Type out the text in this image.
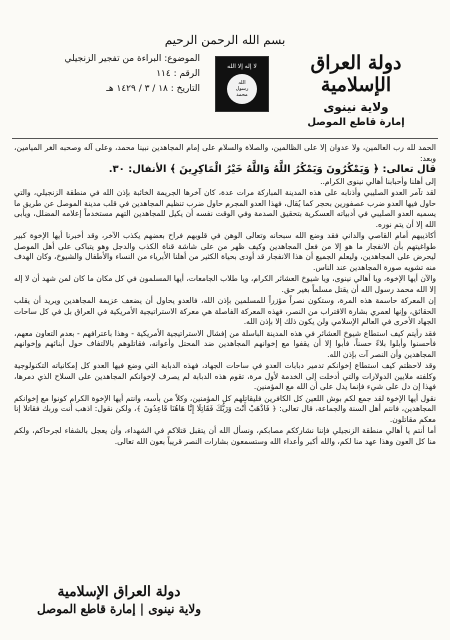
بسم الله الرحمن الرحيم
الموضوع: البراءة من تفجير الزنجيلي
الرقم : ١١٤
التاريخ : ١٨ / ٣ / ١٤٢٩ هـ
لا إله إلا الله
الله
رسول
محمد
دولة العراق الإسلامية
ولاية نينوى
إمارة قاطع الموصل

الحمد لله رب العالمين، ولا عدوان إلا على الظالمين، والصلاة والسلام على إمام المجاهدين نبينا محمد، وعلى آله وصحبه الغر الميامين، وبعد:

قال تعالى: ﴿ وَيَمْكُرُونَ وَيَمْكُرُ اللَّهُ وَاللَّهُ خَيْرُ الْمَاكِرِينَ ﴾ الأنفال: ٣٠.

إلى أهلنا وأحبابنا أهالي نينوى الكرام..

لقد تآمر العدو الصليبي وأذنابه على هذه المدينة المباركة مرات عدة، كان آخرها الجريمة الخائبة بإذن الله في منطقة الزنجيلي، والتي حاول فيها العدو ضرب عصفورين بحجر كما يُقال، فهذا العدو المجرم حاول ضرب تنظيم المجاهدين في قلب مدينة الموصل عن طريق ما يسميه العدو الصليبي في أدبياته العسكرية بتحقيق الصدمة وفي الوقت نفسه أن يكيل للمجاهدين التهم مستخدماً إعلامه المضلل، ويأبى الله إلا أن يتم نوره.

أكاذيبهم أمام القاصي والداني فقد وضع الله سبحانه وتعالى الوهن في قلوبهم فراح بعضهم يكذب الآخر، وقد أخبرنا أيها الإخوة كبير طواغيتهم بأن الانفجار ما هو إلا من فعل المجاهدين وكيف ظهر من على شاشة قناة الكذب والدجل وهو يتباكى على أهل الموصل ليحرض على المجاهدين، وليعلم الجميع أن هذا الانفجار قد أودى بحياة الكثير من أهلنا الأبرياء من النساء والأطفال والشيوخ، وكان الهدف منه تشويه صورة المجاهدين عند الناس.

والآن أيها الإخوة، ويا أهالي نينوى، ويا شيوخ العشائر الكرام، ويا طلاب الجامعات، أيها المسلمون في كل مكان ما كان لمن شهد أن لا إله إلا الله محمد رسول الله أن يقتل مسلماً بغير حق.

إن المعركة حاسمة هذه المرة، وستكون نصراً مؤزراً للمسلمين بإذن الله، فالعدو يحاول أن يضعف عزيمة المجاهدين ويريد أن يقلب الحقائق، وإنها لعمري بشارة الاقتراب من النصر، فهذه المعركة الفاصلة هي معركة الاستراتيجية الأمريكية في العراق بل في كل ساحات الجهاد الأخرى في العالم الإسلامي ولن يكون ذلك إلا بإذن الله.

فقد رأيتم كيف استطاع شيوخ العشائر في هذه المدينة الباسلة من إفشال الاستراتيجية الأمريكية - وهذا باعترافهم - بعدم التعاون معهم، فأحسنوا وأبلوا بلاءً حسناً، فأبوا إلا أن يقفوا مع إخوانهم المجاهدين ضد المحتل وأعوانه، فقاتلوهم بالالتفاف حول أبنائهم وإخوانهم المجاهدين وأن النصر آت بإذن الله.

وقد لاحظتم كيف استطاع إخوانكم تدمير دبابات العدو في ساحات الجهاد، فهذه الدبابة التي وضع فيها العدو كل إمكانياته التكنولوجية وكلفته ملايين الدولارات والتي أدخلت إلى الخدمة لأول مرة، تقوم هذه الدبابة لم يصرف لإخوانكم المجاهدين على السلاح الذي دمرها، فهذا إن دل على شيء فإنما يدل على أن الله مع المؤمنين.

نقول أيها الإخوة لقد جمع لكم بوش اللعين كل الكافرين فليقاتلهم كل المؤمنين، وكلاً من بأسه، وانتم أيها الإخوة الكرام كونوا مع إخوانكم المجاهدين، فانتم أهل السنة والجماعة، قال تعالى: ﴿ فَاذْهَبْ أَنْتَ وَرَبُّكَ فَقَاتِلَا إِنَّا هَاهُنَا قَاعِدُونَ ﴾، ولكن نقول: اذهب أنت وربك فقاتلا إنا معكم مقاتلون.

أما أنتم يا أهالي منطقة الزنجيلي فإننا نشارككم مصابكم، ونسأل الله أن يتقبل قتلاكم في الشهداء، وأن يعجل بالشفاء لجرحاكم، ولكم منا كل العون وهذا عهد منا لكم، والله أكبر وأعداء الله وستسمعون بشارات النصر قريباً بعون الله تعالى.

دولة العراق الإسلامية
ولاية نينوى | إمارة قاطع الموصل
